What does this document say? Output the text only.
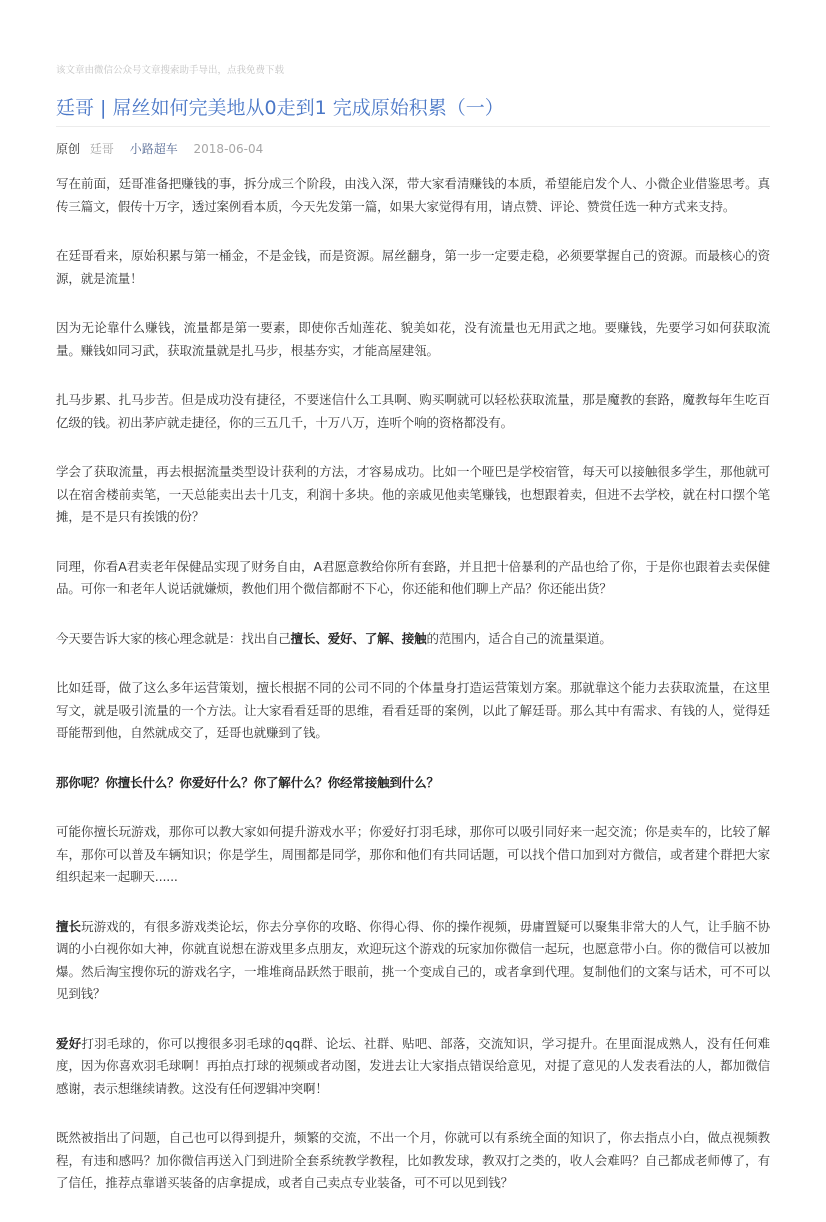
该文章由微信公众号文章搜索助手导出，点我免费下载
廷哥 | 屌丝如何完美地从0走到1 完成原始积累（一）
原创 廷哥 小路超车 2018-06-04

写在前面，廷哥准备把赚钱的事，拆分成三个阶段，由浅入深，带大家看清赚钱的本质，希望能启发个人、小微企业借鉴思考。真传三篇文，假传十万字，透过案例看本质，今天先发第一篇，如果大家觉得有用，请点赞、评论、赞赏任选一种方式来支持。

在廷哥看来，原始积累与第一桶金，不是金钱，而是资源。屌丝翻身，第一步一定要走稳，必须要掌握自己的资源。而最核心的资源，就是流量！

因为无论靠什么赚钱，流量都是第一要素，即使你舌灿莲花、貌美如花，没有流量也无用武之地。要赚钱，先要学习如何获取流量。赚钱如同习武，获取流量就是扎马步，根基夯实，才能高屋建瓴。

扎马步累、扎马步苦。但是成功没有捷径，不要迷信什么工具啊、购买啊就可以轻松获取流量，那是魔教的套路，魔教每年生吃百亿级的钱。初出茅庐就走捷径，你的三五几千，十万八万，连听个响的资格都没有。

学会了获取流量，再去根据流量类型设计获利的方法，才容易成功。比如一个哑巴是学校宿管，每天可以接触很多学生，那他就可以在宿舍楼前卖笔，一天总能卖出去十几支，利润十多块。他的亲戚见他卖笔赚钱，也想跟着卖，但进不去学校，就在村口摆个笔摊，是不是只有挨饿的份？

同理，你看A君卖老年保健品实现了财务自由，A君愿意教给你所有套路，并且把十倍暴利的产品也给了你，于是你也跟着去卖保健品。可你一和老年人说话就嫌烦，教他们用个微信都耐不下心，你还能和他们聊上产品？你还能出货？

今天要告诉大家的核心理念就是：找出自己擅长、爱好、了解、接触的范围内，适合自己的流量渠道。

比如廷哥，做了这么多年运营策划，擅长根据不同的公司不同的个体量身打造运营策划方案。那就靠这个能力去获取流量，在这里写文，就是吸引流量的一个方法。让大家看看廷哥的思维，看看廷哥的案例，以此了解廷哥。那么其中有需求、有钱的人，觉得廷哥能帮到他，自然就成交了，廷哥也就赚到了钱。

那你呢？你擅长什么？你爱好什么？你了解什么？你经常接触到什么？

可能你擅长玩游戏，那你可以教大家如何提升游戏水平；你爱好打羽毛球，那你可以吸引同好来一起交流；你是卖车的，比较了解车，那你可以普及车辆知识；你是学生，周围都是同学，那你和他们有共同话题，可以找个借口加到对方微信，或者建个群把大家组织起来一起聊天......

擅长玩游戏的，有很多游戏类论坛，你去分享你的攻略、你得心得、你的操作视频，毋庸置疑可以聚集非常大的人气，让手脑不协调的小白视你如大神，你就直说想在游戏里多点朋友，欢迎玩这个游戏的玩家加你微信一起玩，也愿意带小白。你的微信可以被加爆。然后淘宝搜你玩的游戏名字，一堆堆商品跃然于眼前，挑一个变成自己的，或者拿到代理。复制他们的文案与话术，可不可以见到钱？

爱好打羽毛球的，你可以搜很多羽毛球的qq群、论坛、社群、贴吧、部落，交流知识，学习提升。在里面混成熟人，没有任何难度，因为你喜欢羽毛球啊！再拍点打球的视频或者动图，发进去让大家指点错误给意见，对提了意见的人发表看法的人，都加微信感谢，表示想继续请教。这没有任何逻辑冲突啊！

既然被指出了问题，自己也可以得到提升，频繁的交流，不出一个月，你就可以有系统全面的知识了，你去指点小白，做点视频教程，有违和感吗？加你微信再送入门到进阶全套系统教学教程，比如教发球，教双打之类的，收人会难吗？自己都成老师傅了，有了信任，推荐点靠谱买装备的店拿提成，或者自己卖点专业装备，可不可以见到钱？
